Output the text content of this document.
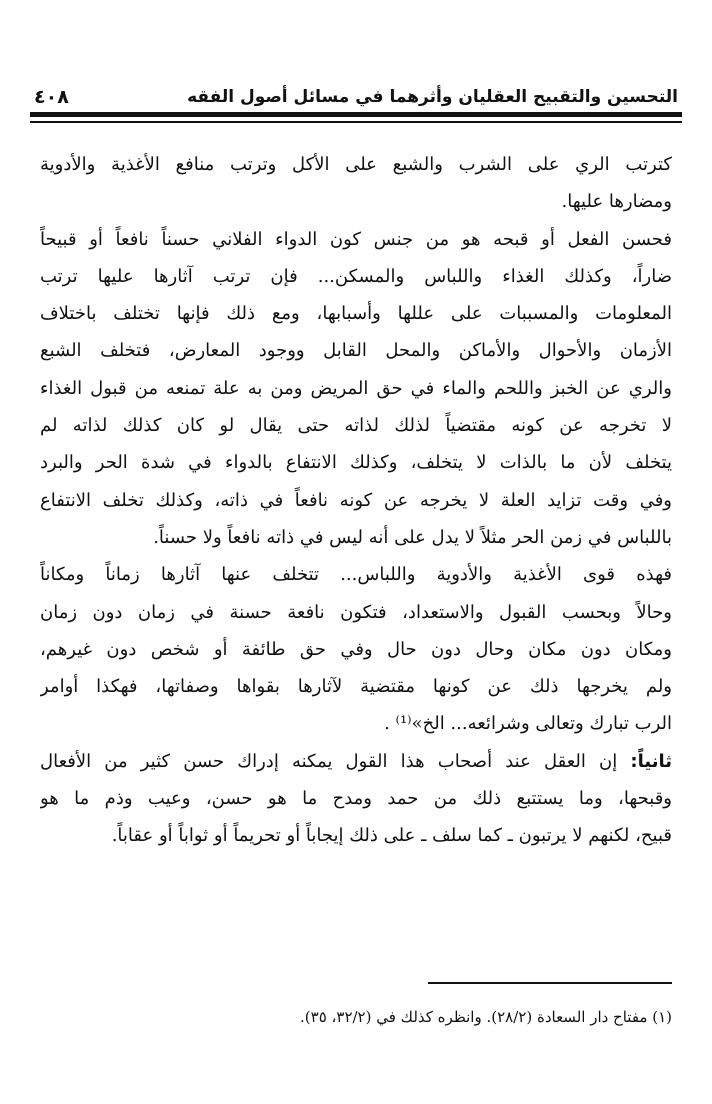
التحسين والتقبيح العقليان وأثرهما في مسائل أصول الفقه
٤٠٨
كترتب الري على الشرب والشبع على الأكل وترتب منافع الأغذية والأدوية
ومضارها عليها.
فحسن الفعل أو قبحه هو من جنس كون الدواء الفلاني حسناً نافعاً أو قبيحاً
ضاراً، وكذلك الغذاء واللباس والمسكن... فإن ترتب آثارها عليها ترتب
المعلومات والمسببات على عللها وأسبابها، ومع ذلك فإنها تختلف باختلاف
الأزمان والأحوال والأماكن والمحل القابل ووجود المعارض، فتخلف الشبع
والري عن الخبز واللحم والماء في حق المريض ومن به علة تمنعه من قبول الغذاء
لا تخرجه عن كونه مقتضياً لذلك لذاته حتى يقال لو كان كذلك لذاته لم
يتخلف لأن ما بالذات لا يتخلف، وكذلك الانتفاع بالدواء في شدة الحر والبرد
وفي وقت تزايد العلة لا يخرجه عن كونه نافعاً في ذاته، وكذلك تخلف الانتفاع
باللباس في زمن الحر مثلاً لا يدل على أنه ليس في ذاته نافعاً ولا حسناً.
فهذه قوى الأغذية والأدوية واللباس... تتخلف عنها آثارها زماناً ومكاناً
وحالاً وبحسب القبول والاستعداد، فتكون نافعة حسنة في زمان دون زمان
ومكان دون مكان وحال دون حال وفي حق طائفة أو شخص دون غيرهم،
ولم يخرجها ذلك عن كونها مقتضية لآثارها بقواها وصفاتها، فهكذا أوامر
الرب تبارك وتعالى وشرائعه... الخ»⁽¹⁾ .
ثانياً: إن العقل عند أصحاب هذا القول يمكنه إدراك حسن كثير من الأفعال
وقبحها، وما يستتبع ذلك من حمد ومدح ما هو حسن، وعيب وذم ما هو
قبيح، لكنهم لا يرتبون ـ كما سلف ـ على ذلك إيجاباً أو تحريماً أو ثواباً أو عقاباً.
(١) مفتاح دار السعادة (٢٨/٢). وانظره كذلك في (٣٢/٢، ٣٥).
